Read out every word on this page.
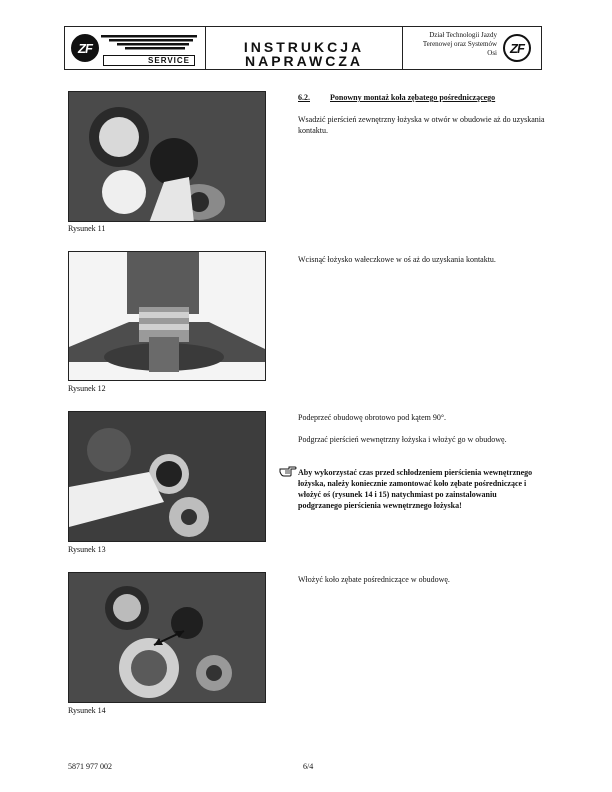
ZF
SERVICE
INSTRUKCJA
NAPRAWCZA
Dział Technologii Jazdy
Terenowej oraz Systemów
Osi	ZF
6.2.	Ponowny montaż koła zębatego pośredniczącego
Rysunek 11
Rysunek 12
Rysunek 13
Rysunek 14
Wsadzić pierścień zewnętrzny łożyska w otwór w obudowie aż do uzyskania kontaktu.
Wcisnąć łożysko wałeczkowe w oś aż do uzyskania kontaktu.
Podeprzeć obudowę obrotowo pod kątem 90°.
Podgrzać pierścień wewnętrzny łożyska i włożyć go w obudowę.
Aby wykorzystać czas przed schłodzeniem pierścienia wewnętrznego łożyska, należy koniecznie zamontować koło zębate pośredniczące i włożyć oś (rysunek 14 i 15) natychmiast po zainstalowaniu podgrzanego pierścienia wewnętrznego łożyska!
Włożyć koło zębate pośredniczące w obudowę.
5871 977 002	6/4
